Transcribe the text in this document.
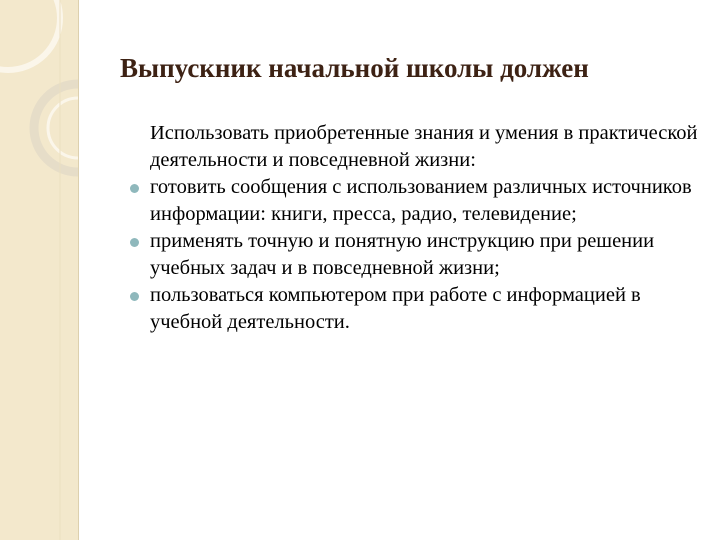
Выпускник начальной школы должен

Использовать приобретенные знания и умения в практической деятельности и повседневной жизни:

готовить сообщения с использованием различных источников информации: книги, пресса, радио, телевидение;
применять точную и понятную инструкцию при решении учебных задач и в повседневной жизни;
пользоваться компьютером при работе с информацией в учебной деятельности.
